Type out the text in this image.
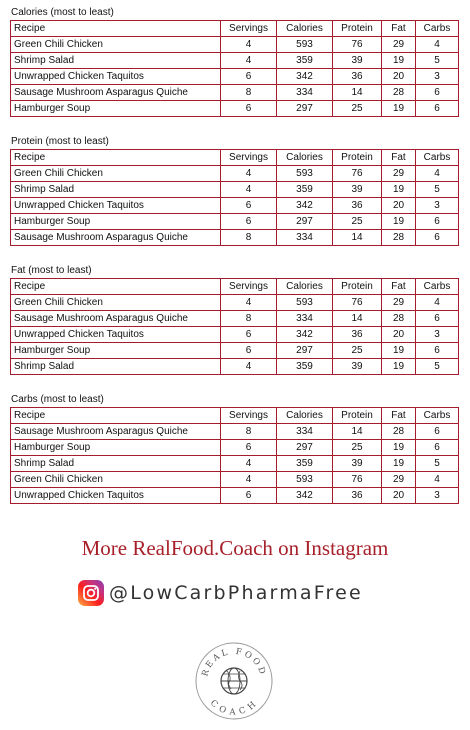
Calories (most to least)
Recipe	Servings	Calories	Protein	Fat	Carbs
Green Chili Chicken	4	593	76	29	4
Shrimp Salad	4	359	39	19	5
Unwrapped Chicken Taquitos	6	342	36	20	3
Sausage Mushroom Asparagus Quiche	8	334	14	28	6
Hamburger Soup	6	297	25	19	6
Protein (most to least)
Recipe	Servings	Calories	Protein	Fat	Carbs
Green Chili Chicken	4	593	76	29	4
Shrimp Salad	4	359	39	19	5
Unwrapped Chicken Taquitos	6	342	36	20	3
Hamburger Soup	6	297	25	19	6
Sausage Mushroom Asparagus Quiche	8	334	14	28	6
Fat (most to least)
Recipe	Servings	Calories	Protein	Fat	Carbs
Green Chili Chicken	4	593	76	29	4
Sausage Mushroom Asparagus Quiche	8	334	14	28	6
Unwrapped Chicken Taquitos	6	342	36	20	3
Hamburger Soup	6	297	25	19	6
Shrimp Salad	4	359	39	19	5
Carbs (most to least)
Recipe	Servings	Calories	Protein	Fat	Carbs
Sausage Mushroom Asparagus Quiche	8	334	14	28	6
Hamburger Soup	6	297	25	19	6
Shrimp Salad	4	359	39	19	5
Green Chili Chicken	4	593	76	29	4
Unwrapped Chicken Taquitos	6	342	36	20	3
More RealFood.Coach on Instagram
@LowCarbPharmaFree
REAL FOOD
COACH
